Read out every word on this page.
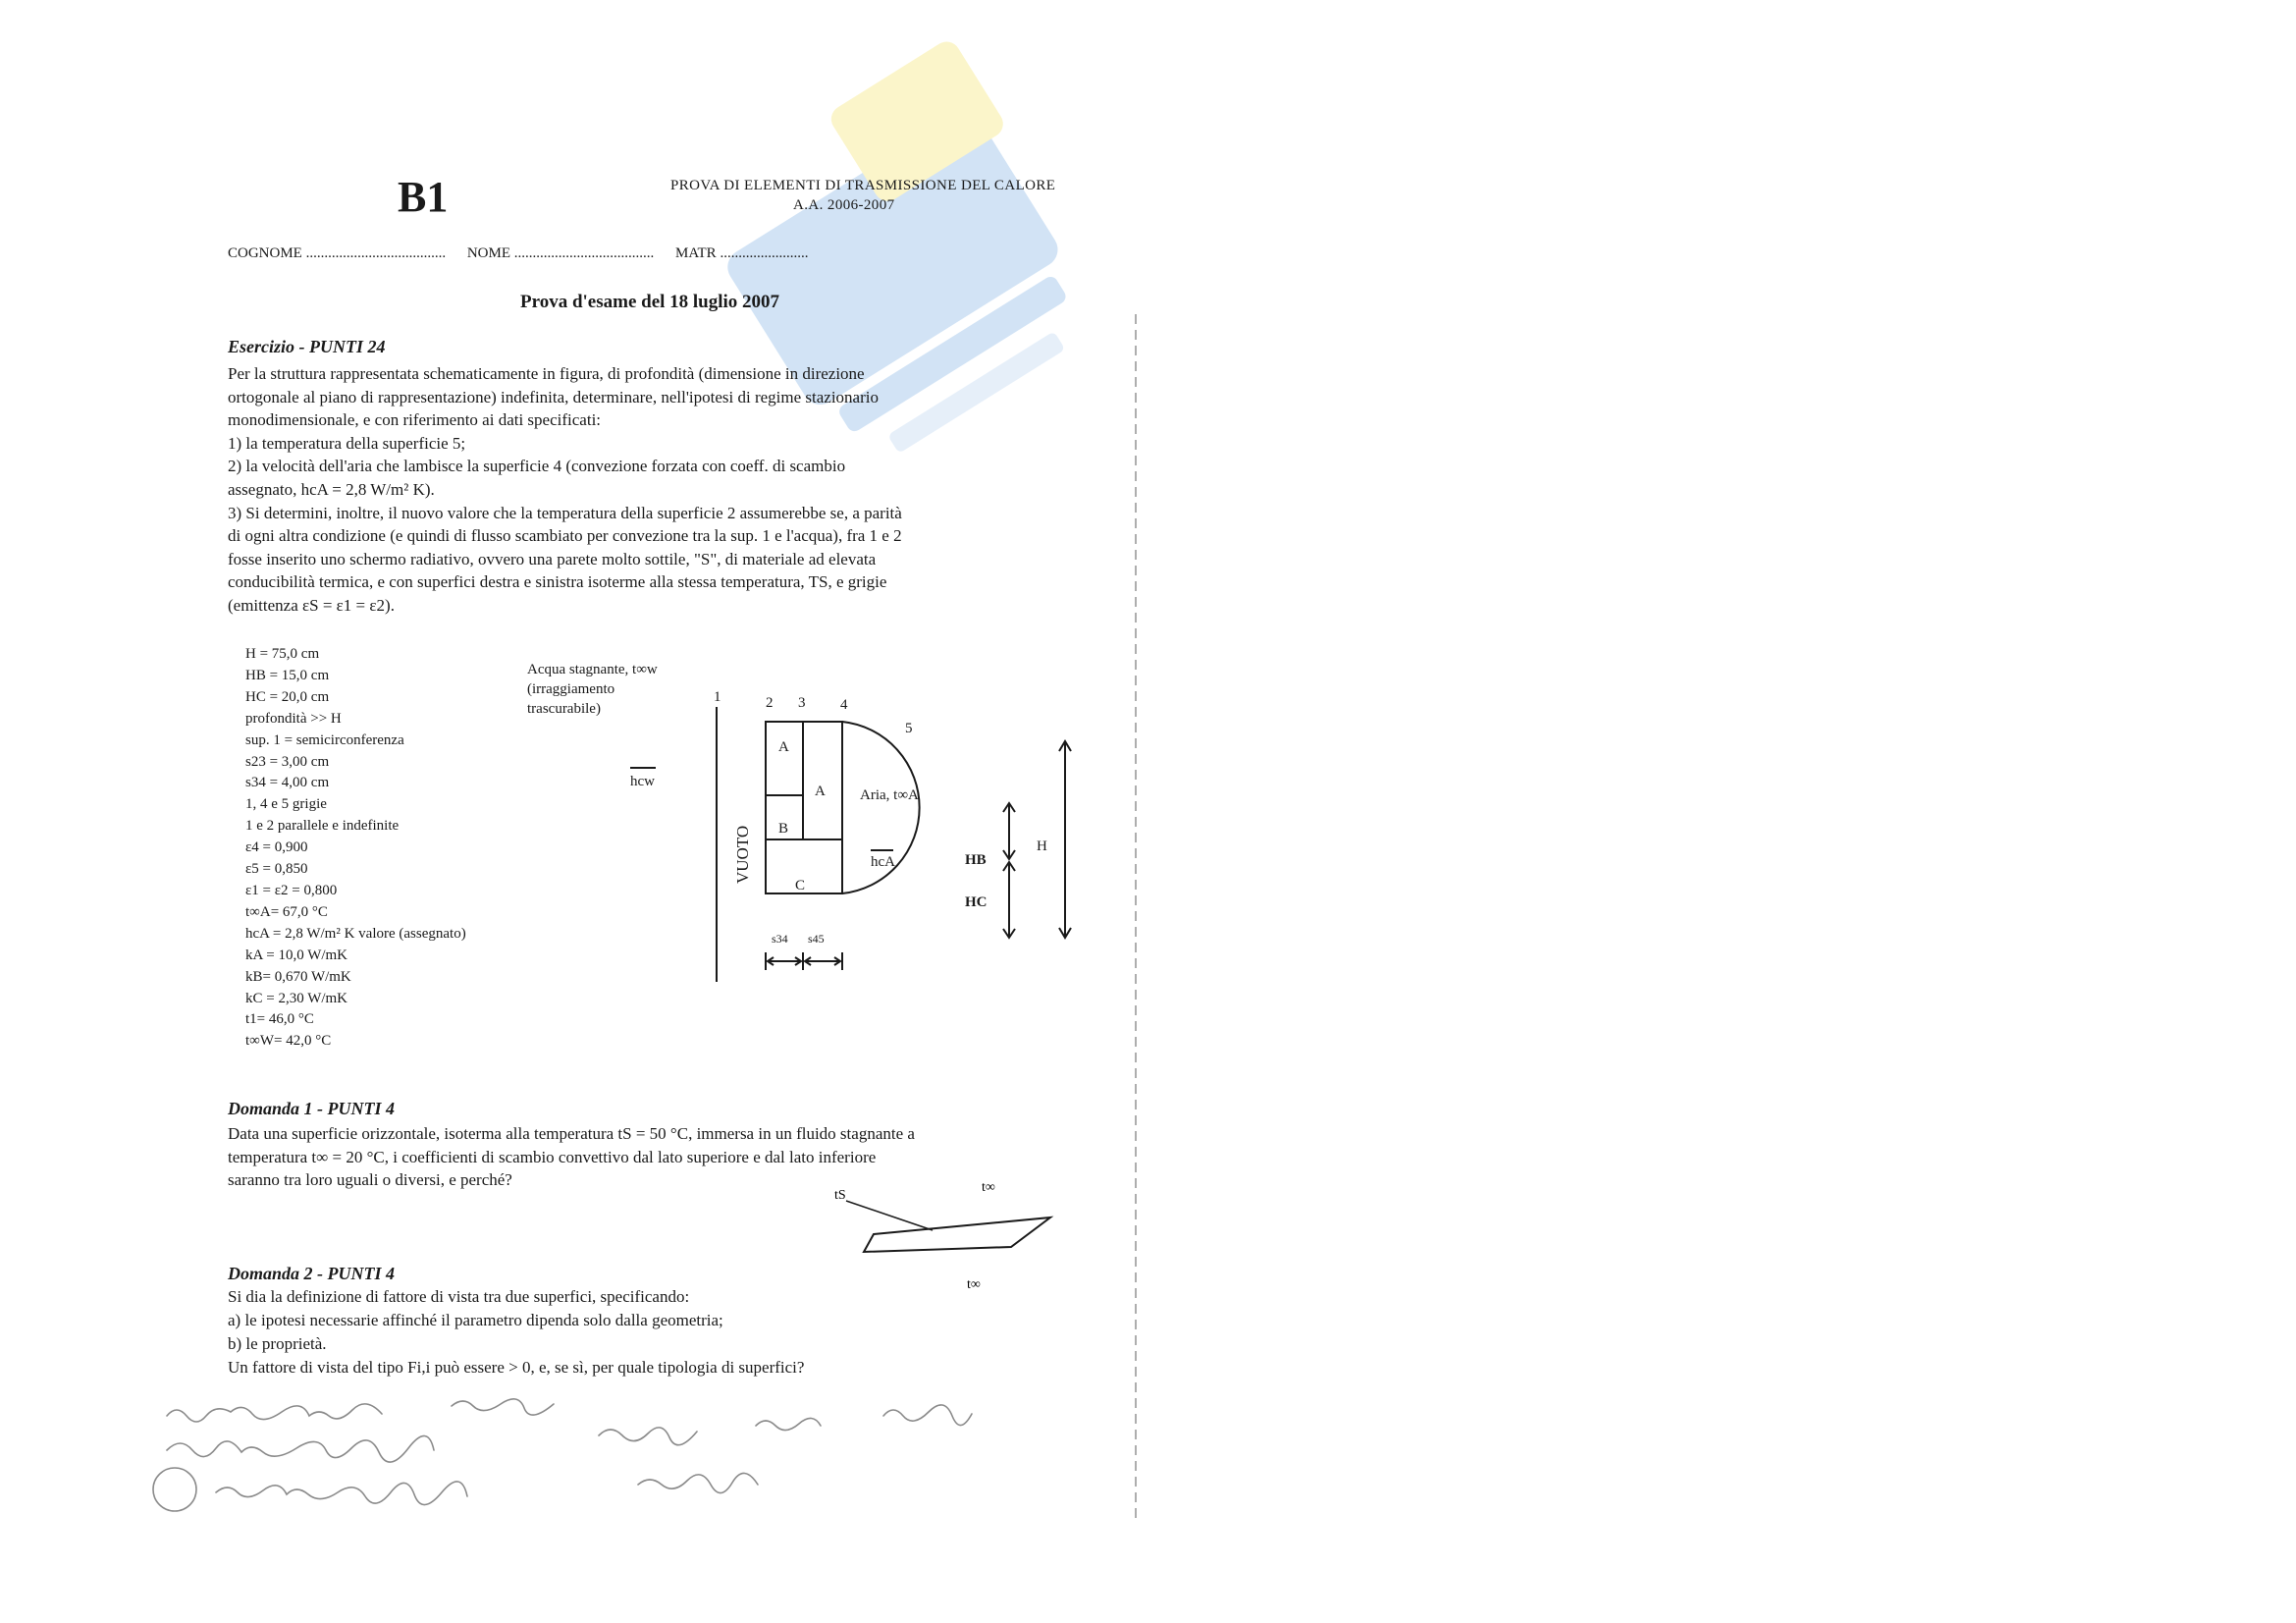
B1	PROVA DI ELEMENTI DI TRASMISSIONE DEL CALORE
A.A. 2006-2007
COGNOME ...................................... NOME ...................................... MATR ........................
Prova d'esame del 18 luglio 2007
Esercizio - PUNTI 24
Per la struttura rappresentata schematicamente in figura, di profondità (dimensione in direzione
ortogonale al piano di rappresentazione) indefinita, determinare, nell'ipotesi di regime stazionario
monodimensionale, e con riferimento ai dati specificati:
1) la temperatura della superficie 5;
2) la velocità dell'aria che lambisce la superficie 4 (convezione forzata con coeff. di scambio
assegnato, hcA = 2,8 W/m² K).
3) Si determini, inoltre, il nuovo valore che la temperatura della superficie 2 assumerebbe se, a parità
di ogni altra condizione (e quindi di flusso scambiato per convezione tra la sup. 1 e l'acqua), fra 1 e 2
fosse inserito uno schermo radiativo, ovvero una parete molto sottile, "S", di materiale ad elevata
conducibilità termica, e con superfici destra e sinistra isoterme alla stessa temperatura, TS, e grigie
(emittenza εS = ε1 = ε2).
H = 75,0 cm
HB = 15,0 cm
HC = 20,0 cm
profondità >> H
sup. 1 = semicirconferenza
s23 = 3,00 cm
s34 = 4,00 cm
1, 4 e 5 grigie
1 e 2 parallele e indefinite
ε4 = 0,900
ε5 = 0,850
ε1 = ε2 = 0,800
t∞A= 67,0 °C
hcA = 2,8 W/m² K valore (assegnato)
kA = 10,0 W/mK
kB= 0,670 W/mK
kC = 2,30 W/mK
t1= 46,0 °C
t∞W= 42,0 °C
1	2 3 4
5
hcw
VUOTO
A
A
B
C
Aria, t∞A
hcA	HB
HC
H
s34 s45
Acqua stagnante, t∞w
(irraggiamento
trascurabile)
Domanda 1 - PUNTI 4
Data una superficie orizzontale, isoterma alla temperatura tS = 50 °C, immersa in un fluido stagnante a
temperatura t∞ = 20 °C, i coefficienti di scambio convettivo dal lato superiore e dal lato inferiore
saranno tra loro uguali o diversi, e perché?
tS
t∞
t∞
Domanda 2 - PUNTI 4
Si dia la definizione di fattore di vista tra due superfici, specificando:
a) le ipotesi necessarie affinché il parametro dipenda solo dalla geometria;
b) le proprietà.
Un fattore di vista del tipo Fi,i può essere > 0, e, se sì, per quale tipologia di superfici?
